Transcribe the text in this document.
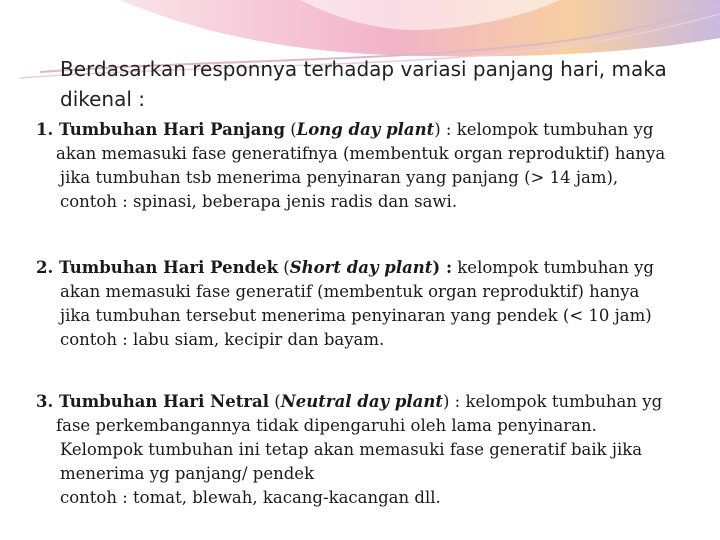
Berdasarkan responnya terhadap variasi panjang hari, maka
dikenal :
1. Tumbuhan Hari Panjang (Long day plant) : kelompok tumbuhan yg
akan memasuki fase generatifnya (membentuk organ reproduktif) hanya
jika tumbuhan tsb menerima penyinaran yang panjang (> 14 jam),
contoh : spinasi, beberapa jenis radis dan sawi.
2. Tumbuhan Hari Pendek (Short day plant) : kelompok tumbuhan yg
akan memasuki fase generatif (membentuk organ reproduktif) hanya
jika tumbuhan tersebut menerima penyinaran yang pendek (< 10 jam)
contoh : labu siam, kecipir dan bayam.
3. Tumbuhan Hari Netral (Neutral day plant) : kelompok tumbuhan yg
fase perkembangannya tidak dipengaruhi oleh lama penyinaran.
Kelompok tumbuhan ini tetap akan memasuki fase generatif baik jika
menerima yg panjang/ pendek
contoh : tomat, blewah, kacang-kacangan dll.
